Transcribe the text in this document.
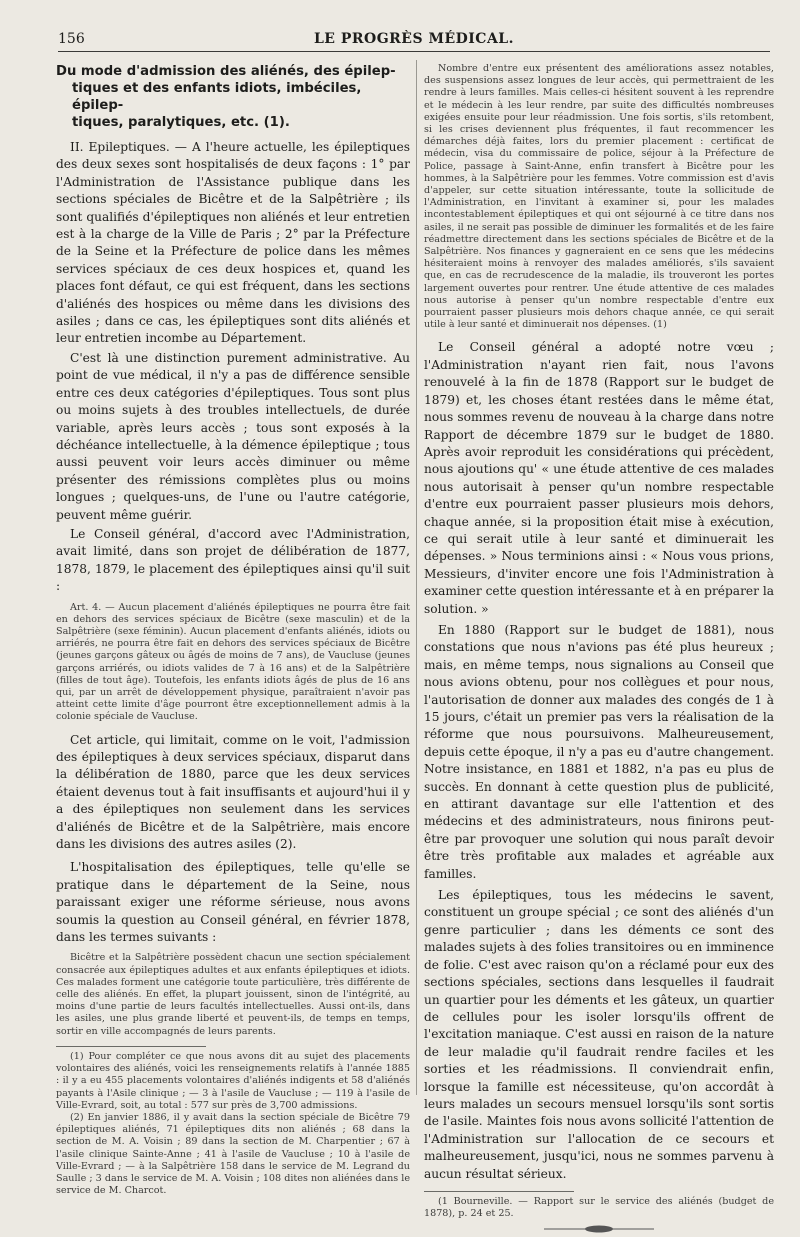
156	LE PROGRÈS MÉDICAL.
Du mode d'admission des aliénés, des épilep-
tiques et des enfants idiots, imbéciles, épilep-
tiques, paralytiques, etc. (1).

II. Epileptiques. — A l'heure actuelle, les épileptiques des deux sexes sont hospitalisés de deux façons : 1° par l'Administration de l'Assistance publique dans les sections spéciales de Bicêtre et de la Salpêtrière ; ils sont qualifiés d'épileptiques non aliénés et leur entretien est à la charge de la Ville de Paris ; 2° par la Préfecture de la Seine et la Préfecture de police dans les mêmes services spéciaux de ces deux hospices et, quand les places font défaut, ce qui est fréquent, dans les sections d'aliénés des hospices ou même dans les divisions des asiles ; dans ce cas, les épileptiques sont dits aliénés et leur entretien incombe au Département.

C'est là une distinction purement administrative. Au point de vue médical, il n'y a pas de différence sensible entre ces deux catégories d'épileptiques. Tous sont plus ou moins sujets à des troubles intellectuels, de durée variable, après leurs accès ; tous sont exposés à la déchéance intellectuelle, à la démence épileptique ; tous aussi peuvent voir leurs accès diminuer ou même présenter des rémissions complètes plus ou moins longues ; quelques-uns, de l'une ou l'autre catégorie, peuvent même guérir.

Le Conseil général, d'accord avec l'Administration, avait limité, dans son projet de délibération de 1877, 1878, 1879, le placement des épileptiques ainsi qu'il suit :

Art. 4. — Aucun placement d'aliénés épileptiques ne pourra être fait en dehors des services spéciaux de Bicêtre (sexe masculin) et de la Salpêtrière (sexe féminin). Aucun placement d'enfants aliénés, idiots ou arriérés, ne pourra être fait en dehors des services spéciaux de Bicêtre (jeunes garçons gâteux ou âgés de moins de 7 ans), de Vaucluse (jeunes garçons arriérés, ou idiots valides de 7 à 16 ans) et de la Salpêtrière (filles de tout âge). Toutefois, les enfants idiots âgés de plus de 16 ans qui, par un arrêt de développement physique, paraîtraient n'avoir pas atteint cette limite d'âge pourront être exceptionnellement admis à la colonie spéciale de Vaucluse.

Cet article, qui limitait, comme on le voit, l'admission des épileptiques à deux services spéciaux, disparut dans la délibération de 1880, parce que les deux services étaient devenus tout à fait insuffisants et aujourd'hui il y a des épileptiques non seulement dans les services d'aliénés de Bicêtre et de la Salpêtrière, mais encore dans les divisions des autres asiles (2).

L'hospitalisation des épileptiques, telle qu'elle se pratique dans le département de la Seine, nous paraissant exiger une réforme sérieuse, nous avons soumis la question au Conseil général, en février 1878, dans les termes suivants :

Bicêtre et la Salpêtrière possèdent chacun une section spécialement consacrée aux épileptiques adultes et aux enfants épileptiques et idiots. Ces malades forment une catégorie toute particulière, très différente de celle des aliénés. En effet, la plupart jouissent, sinon de l'intégrité, au moins d'une partie de leurs facultés intellectuelles. Aussi ont-ils, dans les asiles, une plus grande liberté et peuvent-ils, de temps en temps, sortir en ville accompagnés de leurs parents.

(1) Pour compléter ce que nous avons dit au sujet des placements volontaires des aliénés, voici les renseignements relatifs à l'année 1885 : il y a eu 455 placements volontaires d'aliénés indigents et 58 d'aliénés payants à l'Asile clinique ; — 3 à l'asile de Vaucluse ; — 119 à l'asile de Ville-Evrard, soit, au total : 577 sur près de 3,700 admissions.

(2) En janvier 1886, il y avait dans la section spéciale de Bicêtre 79 épileptiques aliénés, 71 épileptiques dits non aliénés ; 68 dans la section de M. A. Voisin ; 89 dans la section de M. Charpentier ; 67 à l'asile clinique Sainte-Anne ; 41 à l'asile de Vaucluse ; 10 à l'asile de Ville-Evrard ; — à la Salpêtrière 158 dans le service de M. Legrand du Saulle ; 3 dans le service de M. A. Voisin ; 108 dites non aliénées dans le service de M. Charcot.

Nombre d'entre eux présentent des améliorations assez notables, des suspensions assez longues de leur accès, qui permettraient de les rendre à leurs familles. Mais celles-ci hésitent souvent à les reprendre et le médecin à les leur rendre, par suite des difficultés nombreuses exigées ensuite pour leur réadmission. Une fois sortis, s'ils retombent, si les crises deviennent plus fréquentes, il faut recommencer les démarches déjà faites, lors du premier placement : certificat de médecin, visa du commissaire de police, séjour à la Préfecture de Police, passage à Saint-Anne, enfin transfert à Bicêtre pour les hommes, à la Salpêtrière pour les femmes. Votre commission est d'avis d'appeler, sur cette situation intéressante, toute la sollicitude de l'Administration, en l'invitant à examiner si, pour les malades incontestablement épileptiques et qui ont séjourné à ce titre dans nos asiles, il ne serait pas possible de diminuer les formalités et de les faire réadmettre directement dans les sections spéciales de Bicêtre et de la Salpêtrière. Nos finances y gagneraient en ce sens que les médecins hésiteraient moins à renvoyer des malades améliorés, s'ils savaient que, en cas de recrudescence de la maladie, ils trouveront les portes largement ouvertes pour rentrer. Une étude attentive de ces malades nous autorise à penser qu'un nombre respectable d'entre eux pourraient passer plusieurs mois dehors chaque année, ce qui serait utile à leur santé et diminuerait nos dépenses. (1)

Le Conseil général a adopté notre vœu ; l'Administration n'ayant rien fait, nous l'avons renouvelé à la fin de 1878 (Rapport sur le budget de 1879) et, les choses étant restées dans le même état, nous sommes revenu de nouveau à la charge dans notre Rapport de décembre 1879 sur le budget de 1880. Après avoir reproduit les considérations qui précèdent, nous ajoutions qu' « une étude attentive de ces malades nous autorisait à penser qu'un nombre respectable d'entre eux pourraient passer plusieurs mois dehors, chaque année, si la proposition était mise à exécution, ce qui serait utile à leur santé et diminuerait les dépenses. » Nous terminions ainsi : « Nous vous prions, Messieurs, d'inviter encore une fois l'Administration à examiner cette question intéressante et à en préparer la solution. »

En 1880 (Rapport sur le budget de 1881), nous constations que nous n'avions pas été plus heureux ; mais, en même temps, nous signalions au Conseil que nous avions obtenu, pour nos collègues et pour nous, l'autorisation de donner aux malades des congés de 1 à 15 jours, c'était un premier pas vers la réalisation de la réforme que nous poursuivons. Malheureusement, depuis cette époque, il n'y a pas eu d'autre changement. Notre insistance, en 1881 et 1882, n'a pas eu plus de succès. En donnant à cette question plus de publicité, en attirant davantage sur elle l'attention et des médecins et des administrateurs, nous finirons peut-être par provoquer une solution qui nous paraît devoir être très profitable aux malades et agréable aux familles.

Les épileptiques, tous les médecins le savent, constituent un groupe spécial ; ce sont des aliénés d'un genre particulier ; dans les déments ce sont des malades sujets à des folies transitoires ou en imminence de folie. C'est avec raison qu'on a réclamé pour eux des sections spéciales, sections dans lesquelles il faudrait un quartier pour les déments et les gâteux, un quartier de cellules pour les isoler lorsqu'ils offrent de l'excitation maniaque. C'est aussi en raison de la nature de leur maladie qu'il faudrait rendre faciles et les sorties et les réadmissions. Il conviendrait enfin, lorsque la famille est nécessiteuse, qu'on accordât à leurs malades un secours mensuel lorsqu'ils sont sortis de l'asile. Maintes fois nous avons sollicité l'attention de l'Administration sur l'allocation de ce secours et malheureusement, jusqu'ici, nous ne sommes parvenu à aucun résultat sérieux.

(1 Bourneville. — Rapport sur le service des aliénés (budget de 1878), p. 24 et 25.
